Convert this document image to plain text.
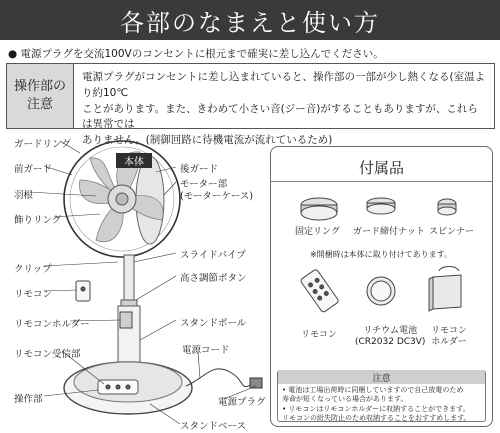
各部のなまえと使い方
● 電源プラグを交流100Vのコンセントに根元まで確実に差し込んでください。
操作部の
注意
電源プラグがコンセントに差し込まれていると、操作部の一部が少し熱くなる(室温より約10℃
ことがあります。また、きわめて小さい音(ジー音)がすることもありますが、これらは異常では
ありません。(制御回路に待機電流が流れているため)
本体
ガードリング
前ガード
羽根
飾りリング
クリップ
リモコン
リモコンホルダー
リモコン受信部
操作部
後ガード
モーター部
(モーターケース)
スライドパイプ
高さ調節ボタン
スタンドポール
電源コード
電源プラグ
スタンドベース
付属品
固定リング ガード締付ナット スピンナー
※開梱時は本体に取り付けてあります。
リモコン	リチウム電池
(CR2032 DC3V)
リモコン
ホルダー
注意
• 電池は工場出荷時に同梱していますので自己放電のため
寿命が短くなっている場合があります。
• リモコンはリモコンホルダーに収納することができます。
リモコンの紛失防止のため収納することをおすすめします。
